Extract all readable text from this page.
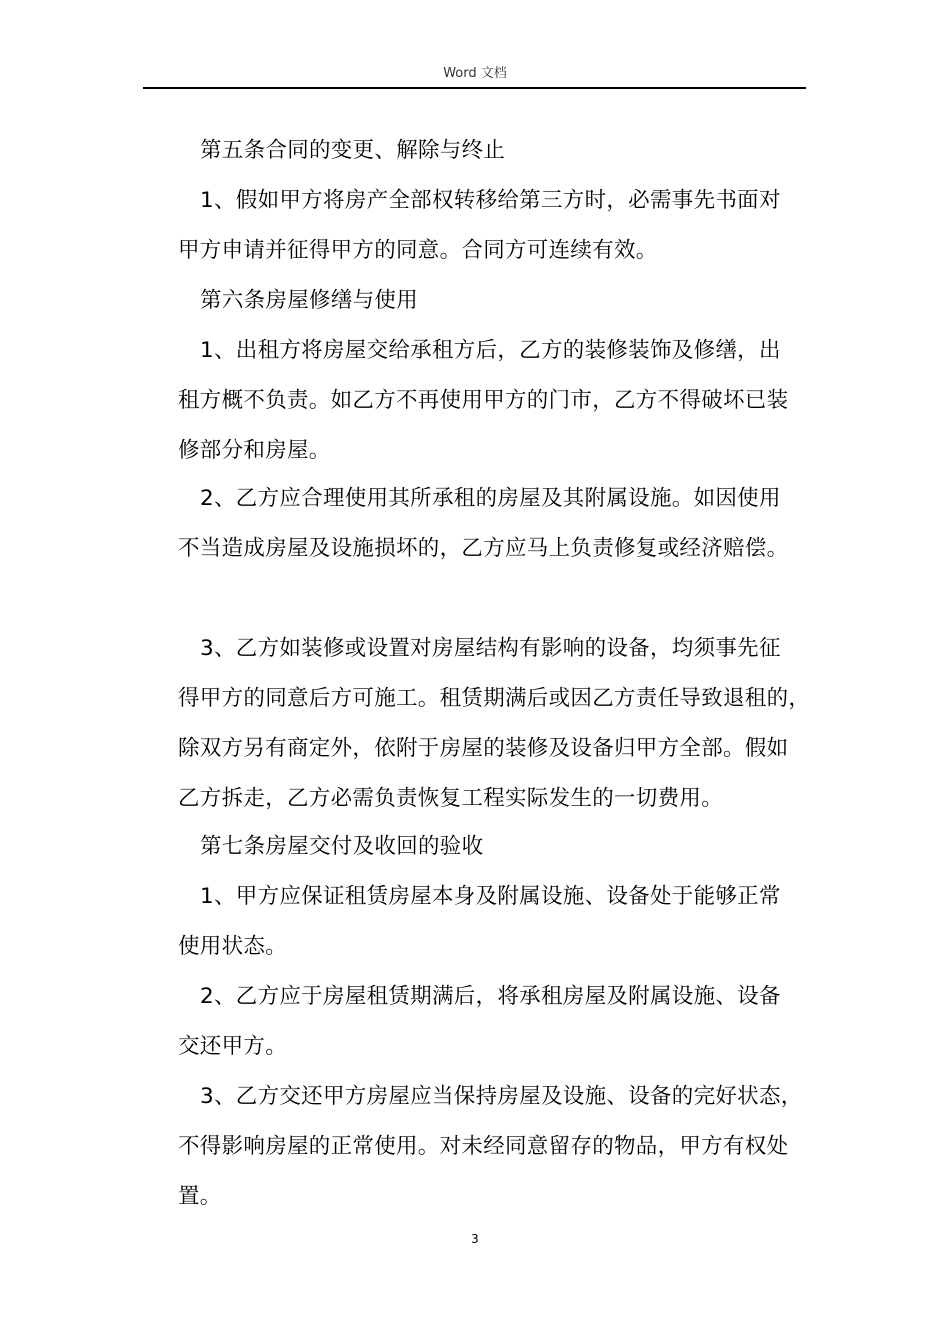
Word 文档
第五条合同的变更、解除与终止
1、假如甲方将房产全部权转移给第三方时，必需事先书面对
甲方申请并征得甲方的同意。合同方可连续有效。
第六条房屋修缮与使用
1、出租方将房屋交给承租方后，乙方的装修装饰及修缮，出
租方概不负责。如乙方不再使用甲方的门市，乙方不得破坏已装
修部分和房屋。
2、乙方应合理使用其所承租的房屋及其附属设施。如因使用
不当造成房屋及设施损坏的，乙方应马上负责修复或经济赔偿。
3、乙方如装修或设置对房屋结构有影响的设备，均须事先征
得甲方的同意后方可施工。租赁期满后或因乙方责任导致退租的，
除双方另有商定外，依附于房屋的装修及设备归甲方全部。假如
乙方拆走，乙方必需负责恢复工程实际发生的一切费用。
第七条房屋交付及收回的验收
1、甲方应保证租赁房屋本身及附属设施、设备处于能够正常
使用状态。
2、乙方应于房屋租赁期满后，将承租房屋及附属设施、设备
交还甲方。
3、乙方交还甲方房屋应当保持房屋及设施、设备的完好状态，
不得影响房屋的正常使用。对未经同意留存的物品，甲方有权处
置。
3
